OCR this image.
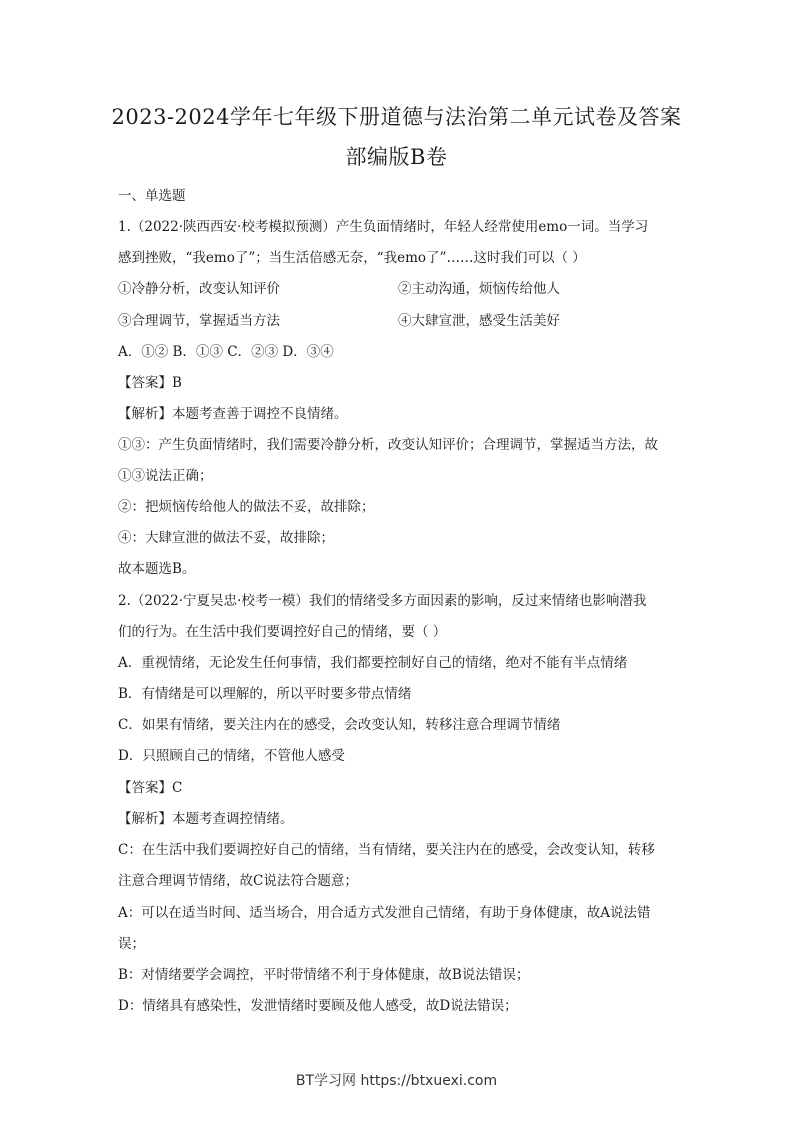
2023-2024学年七年级下册道德与法治第二单元试卷及答案
部编版B卷
一、单选题
1.（2022·陕西西安·校考模拟预测）产生负面情绪时，年轻人经常使用emo一词。当学习
感到挫败，“我emo了”；当生活倍感无奈，“我emo了”……这时我们可以（ ）
①冷静分析，改变认知评价	②主动沟通，烦恼传给他人
③合理调节，掌握适当方法	④大肆宣泄，感受生活美好
A．①② B．①③ C．②③ D．③④
【答案】B
【解析】本题考查善于调控不良情绪。
①③：产生负面情绪时，我们需要冷静分析，改变认知评价；合理调节，掌握适当方法，故
①③说法正确；
②：把烦恼传给他人的做法不妥，故排除；
④：大肆宣泄的做法不妥，故排除；
故本题选B。
2.（2022·宁夏吴忠·校考一模）我们的情绪受多方面因素的影响，反过来情绪也影响潜我
们的行为。在生活中我们要调控好自己的情绪，要（ ）
A．重视情绪，无论发生任何事情，我们都要控制好自己的情绪，绝对不能有半点情绪
B．有情绪是可以理解的，所以平时要多带点情绪
C．如果有情绪，要关注内在的感受，会改变认知，转移注意合理调节情绪
D．只照顾自己的情绪，不管他人感受
【答案】C
【解析】本题考查调控情绪。
C：在生活中我们要调控好自己的情绪，当有情绪，要关注内在的感受，会改变认知，转移
注意合理调节情绪，故C说法符合题意；
A：可以在适当时间、适当场合，用合适方式发泄自己情绪，有助于身体健康，故A说法错
误；
B：对情绪要学会调控，平时带情绪不利于身体健康，故B说法错误；
D：情绪具有感染性，发泄情绪时要顾及他人感受，故D说法错误；
BT学习网 https://btxuexi.com
